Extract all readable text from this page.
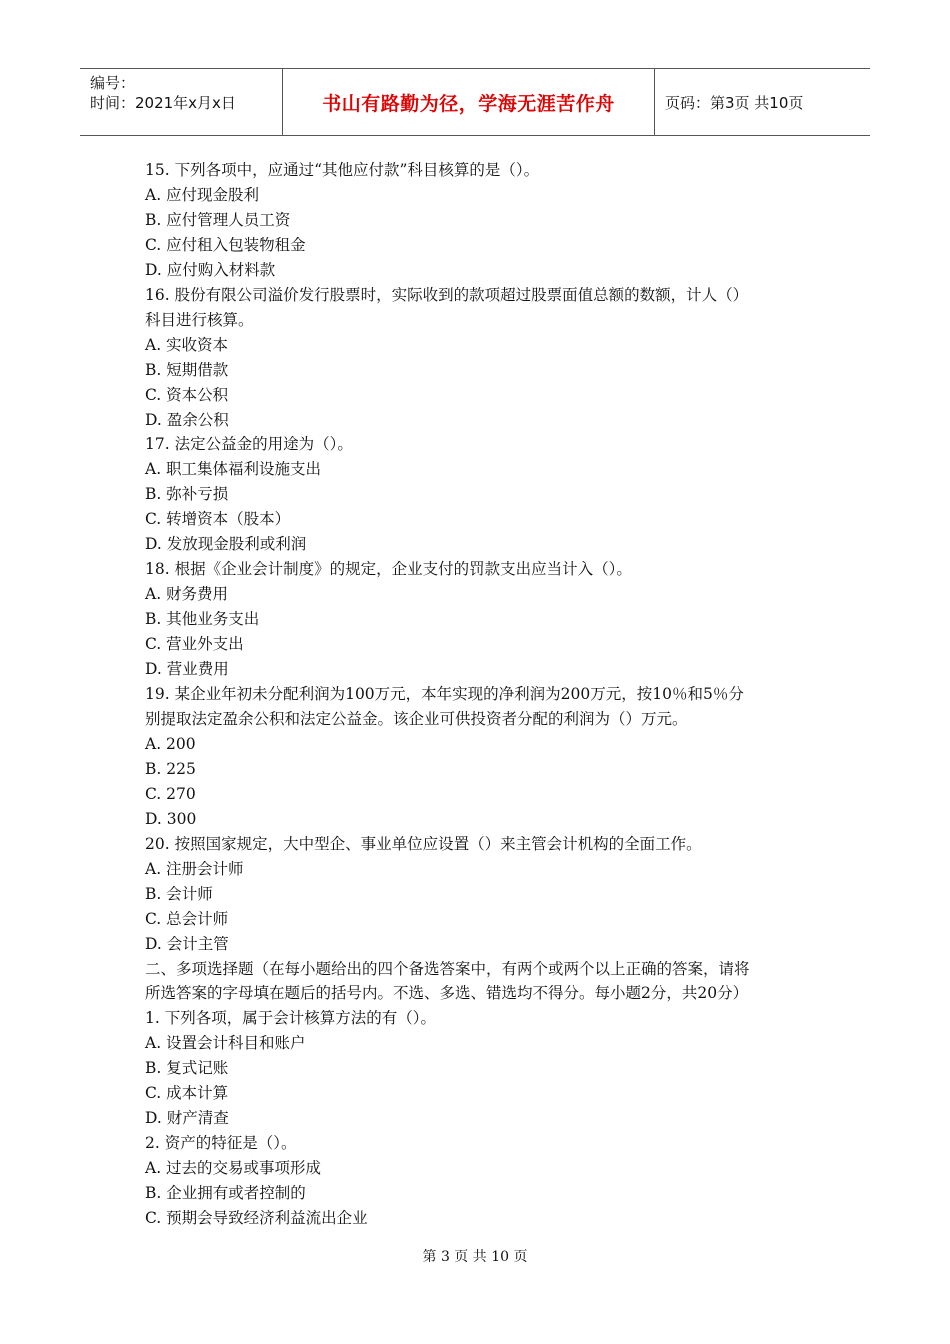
编号：
时间：2021年x月x日	书山有路勤为径，学海无涯苦作舟	页码：第3页 共10页
15. 下列各项中，应通过“其他应付款”科目核算的是（）。
A. 应付现金股利
B. 应付管理人员工资
C. 应付租入包装物租金
D. 应付购入材料款
16. 股份有限公司溢价发行股票时，实际收到的款项超过股票面值总额的数额，计人（）
科目进行核算。
A. 实收资本
B. 短期借款
C. 资本公积
D. 盈余公积
17. 法定公益金的用途为（）。
A. 职工集体福利设施支出
B. 弥补亏损
C. 转增资本（股本）
D. 发放现金股利或利润
18. 根据《企业会计制度》的规定，企业支付的罚款支出应当计入（）。
A. 财务费用
B. 其他业务支出
C. 营业外支出
D. 营业费用
19. 某企业年初未分配利润为100万元，本年实现的净利润为200万元，按10％和5％分
别提取法定盈余公积和法定公益金。该企业可供投资者分配的利润为（）万元。
A. 200
B. 225
C. 270
D. 300
20. 按照国家规定，大中型企、事业单位应设置（）来主管会计机构的全面工作。
A. 注册会计师
B. 会计师
C. 总会计师
D. 会计主管
二、多项选择题（在每小题给出的四个备选答案中，有两个或两个以上正确的答案，请将
所选答案的字母填在题后的括号内。不选、多选、错选均不得分。每小题2分，共20分）
1. 下列各项，属于会计核算方法的有（）。
A. 设置会计科目和账户
B. 复式记账
C. 成本计算
D. 财产清查
2. 资产的特征是（）。
A. 过去的交易或事项形成
B. 企业拥有或者控制的
C. 预期会导致经济利益流出企业
第 3 页 共 10 页
